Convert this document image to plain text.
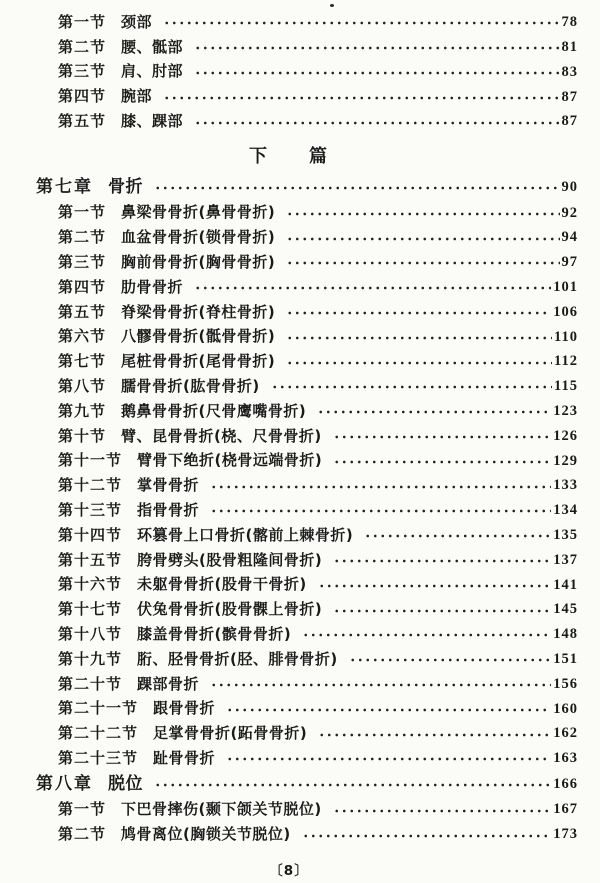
第一节 颈部	78
第二节 腰、骶部	81
第三节 肩、肘部	83
第四节 腕部	87
第五节 膝、踝部	87
下　　篇
第七章 骨折	90
第一节 鼻梁骨骨折(鼻骨骨折)	92
第二节 血盆骨骨折(锁骨骨折)	94
第三节 胸前骨骨折(胸骨骨折)	97
第四节 肋骨骨折	101
第五节 脊梁骨骨折(脊柱骨折)	106
第六节 八髎骨骨折(骶骨骨折)	110
第七节 尾桩骨骨折(尾骨骨折)	112
第八节 臑骨骨折(肱骨骨折)	115
第九节 鹅鼻骨骨折(尺骨鹰嘴骨折)	123
第十节 臂、昆骨骨折(桡、尺骨骨折)	126
第十一节 臂骨下绝折(桡骨远端骨折)	129
第十二节 掌骨骨折	133
第十三节 指骨骨折	134
第十四节 环篡骨上口骨折(髂前上棘骨折)	135
第十五节 胯骨劈头(股骨粗隆间骨折)	137
第十六节 未躯骨骨折(股骨干骨折)	141
第十七节 伏兔骨骨折(股骨髁上骨折)	145
第十八节 膝盖骨骨折(髌骨骨折)	148
第十九节 胻、胫骨骨折(胫、腓骨骨折)	151
第二十节 踝部骨折	156
第二十一节 跟骨骨折	160
第二十二节 足掌骨骨折(跖骨骨折)	162
第二十三节 趾骨骨折	163
第八章 脱位	166
第一节 下巴骨摔伤(颞下颌关节脱位)	167
第二节 鸠骨离位(胸锁关节脱位)	173
〔8〕
